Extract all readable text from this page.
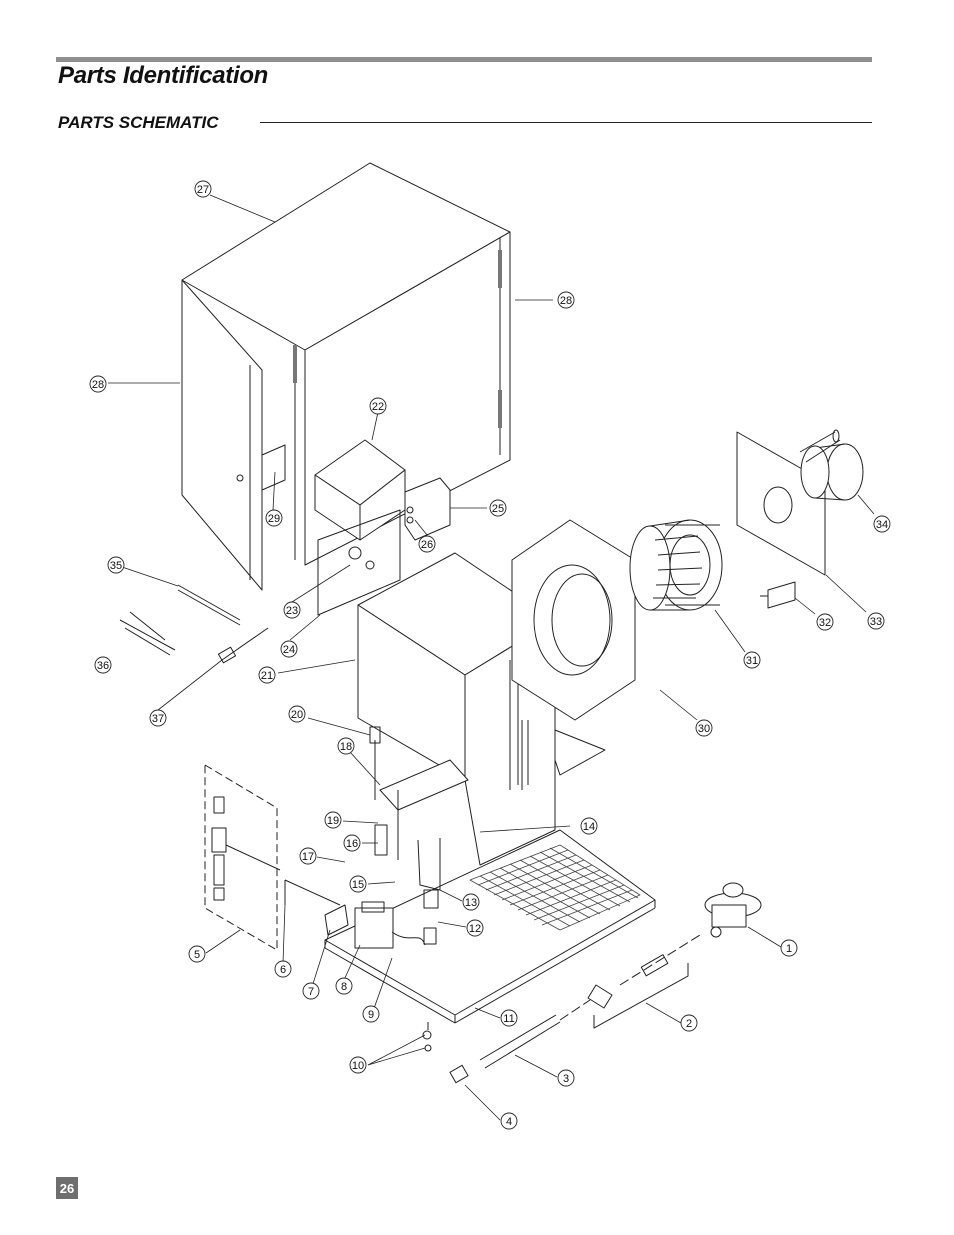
Parts Identification
PARTS SCHEMATIC
1
2
3
4
5
6
7 8
9
10
11
12
13
14
15
16
17
18
19
20
21
22
23
24
25
26
27
28
28
29
30
31
32	33
34
35
36
37
26
